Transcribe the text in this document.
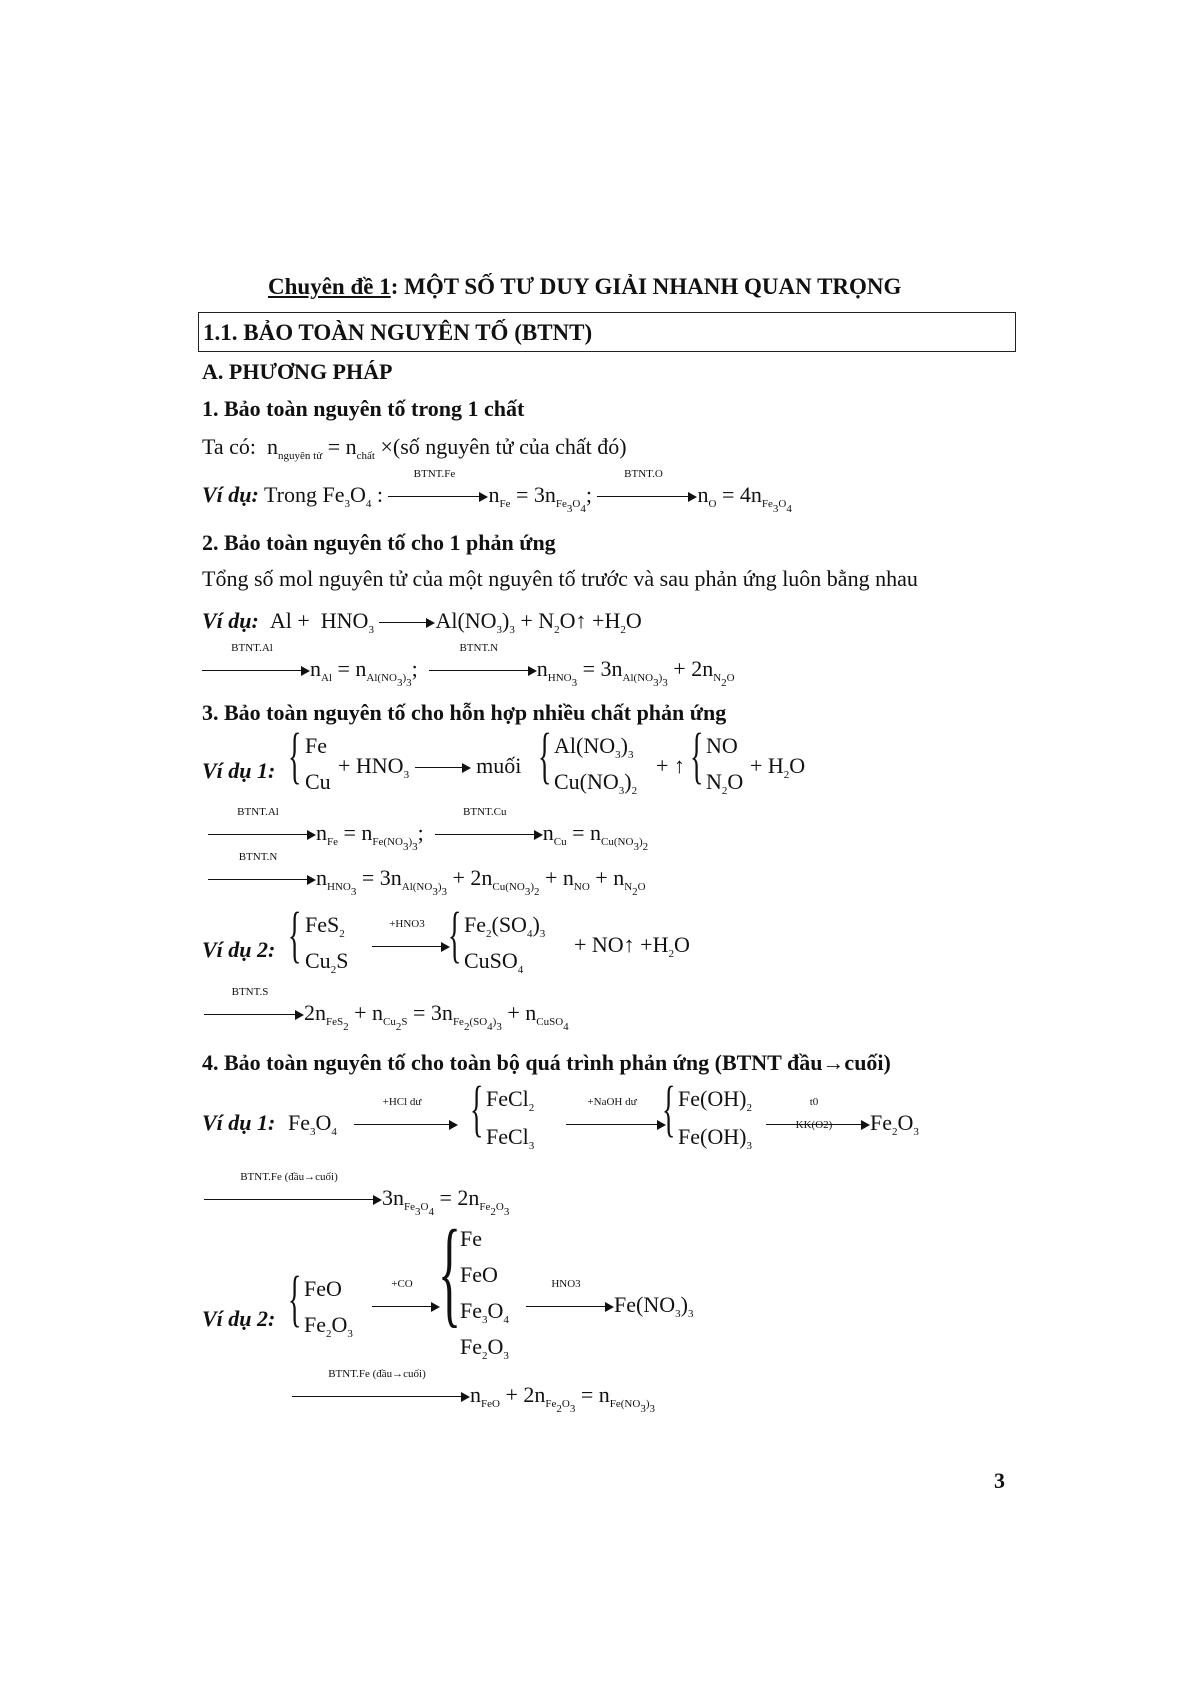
Chuyên đề 1: MỘT SỐ TƯ DUY GIẢI NHANH QUAN TRỌNG
1.1. BẢO TOÀN NGUYÊN TỐ (BTNT)
A. PHƯƠNG PHÁP
1. Bảo toàn nguyên tố trong 1 chất
Ta có:  $n_{nguyên tử} = n_{chất}$ ×(số nguyên tử của chất đó)
Ví dụ: Trong $Fe_3O_4$ :
BTNT.Fe
$n_{Fe} = 3n_{Fe_3O_4}$;
BTNT.O
$n_O = 4n_{Fe_3O_4}$
2. Bảo toàn nguyên tố cho 1 phản ứng
Tổng số mol nguyên tử của một nguyên tố trước và sau phản ứng luôn bằng nhau
Ví dụ:  $Al + HNO_3$	$Al(NO_3)_3$ + $N_2O↑ +H_2O$
BTNT.Al
$n_{Al} = n_{Al(NO_3)_3}$;
BTNT.N
$n_{HNO_3} = 3n_{Al(NO_3)_3} + 2n_{N_2O}$
3. Bảo toàn nguyên tố cho hỗn hợp nhiều chất phản ứng
Ví dụ 1: { Fe
Cu
+ $HNO_3$	muối { $Al(NO_3)_3$
$Cu(NO_3)_2$
+ ↑ { NO
$N_2O$
+ $H_2O$
BTNT.Al
$n_{Fe} = n_{Fe(NO_3)_3}$;
BTNT.Cu
$n_{Cu} = n_{Cu(NO_3)_2}$
BTNT.N
$n_{HNO_3} = 3n_{Al(NO_3)_3} + 2n_{Cu(NO_3)_2} + n_{NO} + n_{N_2O}$
Ví dụ 2: { FeS$_2$
$Cu_2S$
+HNO3 { $Fe_2(SO_4)_3$
CuSO$_4$
+ NO↑ $+H_2O$
BTNT.S
$2n_{FeS_2} + n_{Cu_2S} = 3n_{Fe_2(SO_4)_3} + n_{CuSO_4}$
4. Bảo toàn nguyên tố cho toàn bộ quá trình phản ứng (BTNT đầu→cuối)
Ví dụ 1: $Fe_3O_4$
+HCl dư { FeCl$_2$
FeCl$_3$
+NaOH dư { $Fe(OH)_2$
$Fe(OH)_3$
t0
KK(O2)	$Fe_2O_3$
BTNT.Fe (đầu→cuối)
$3n_{Fe_3O_4} = 2n_{Fe_2O_3}$
Ví dụ 2: { FeO
$Fe_2O_3$
+CO {
Fe
FeO
$Fe_3O_4$
$Fe_2O_3$
HNO3
$Fe(NO_3)_3$
BTNT.Fe (đầu→cuối)
$n_{FeO} + 2n_{Fe_2O_3} = n_{Fe(NO_3)_3}$
3
